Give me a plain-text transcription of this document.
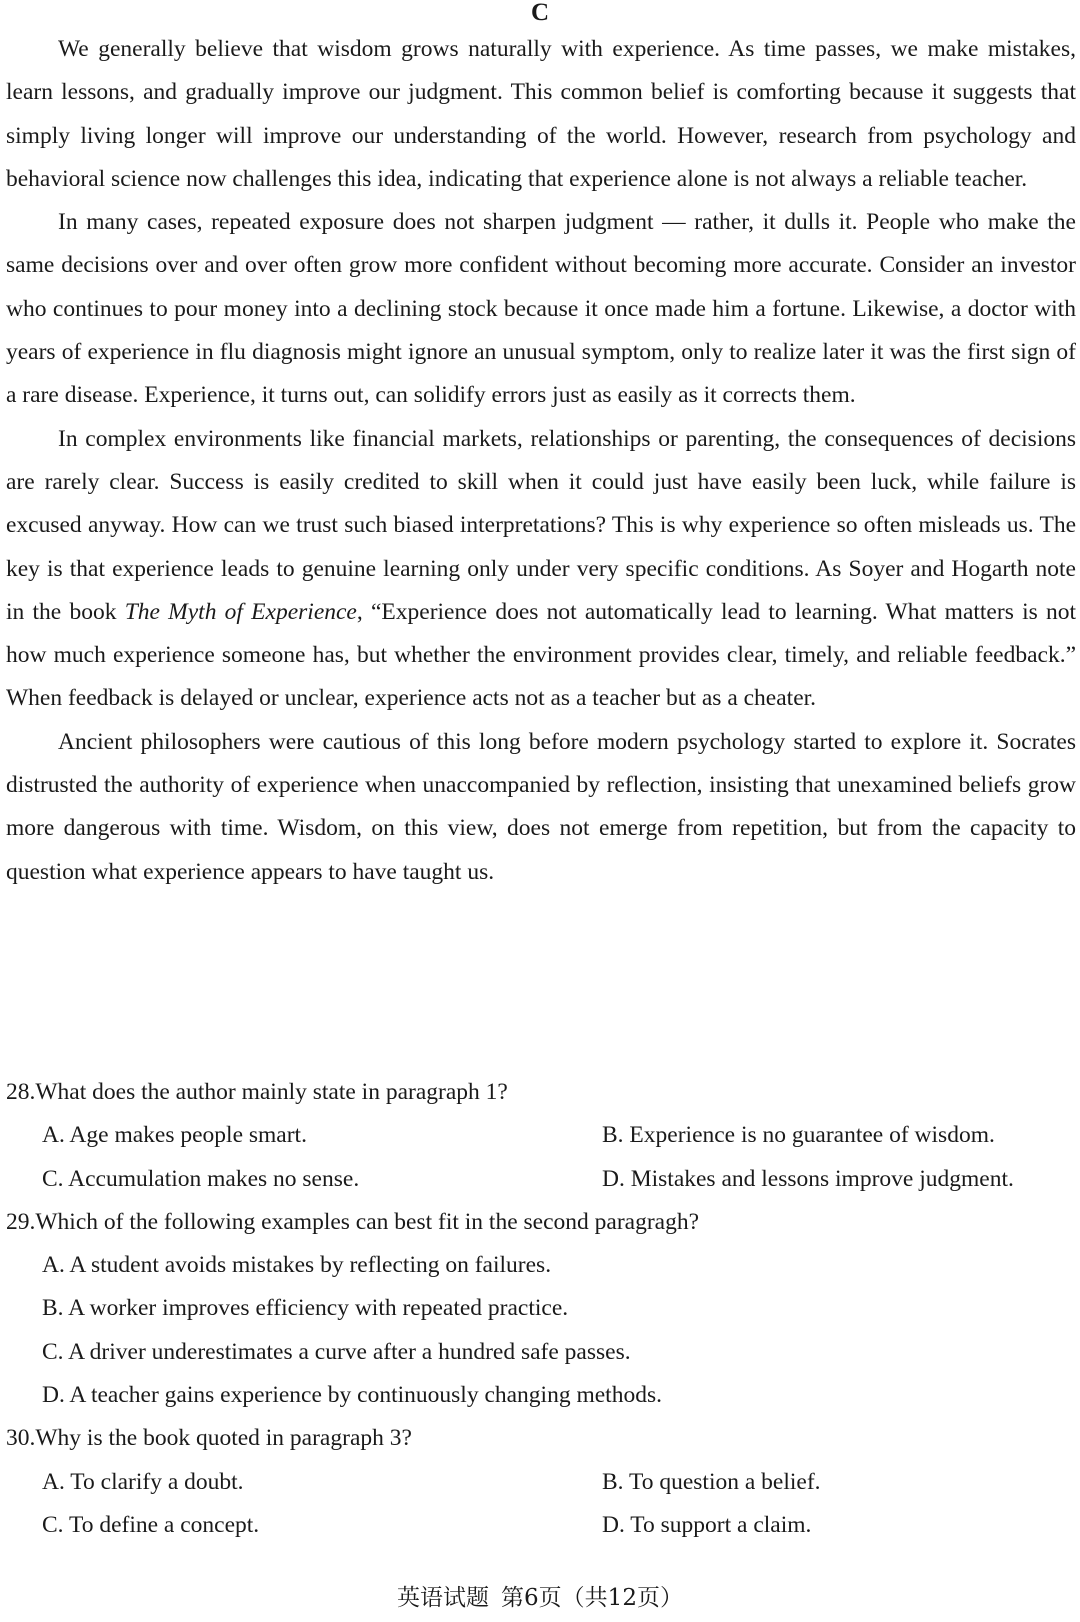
C

We generally believe that wisdom grows naturally with experience. As time passes, we make mistakes, learn lessons, and gradually improve our judgment. This common belief is comforting because it suggests that simply living longer will improve our understanding of the world. However, research from psychology and behavioral science now challenges this idea, indicating that experience alone is not always a reliable teacher.

In many cases, repeated exposure does not sharpen judgment — rather, it dulls it. People who make the same decisions over and over often grow more confident without becoming more accurate. Consider an investor who continues to pour money into a declining stock because it once made him a fortune. Likewise, a doctor with years of experience in flu diagnosis might ignore an unusual symptom, only to realize later it was the first sign of a rare disease. Experience, it turns out, can solidify errors just as easily as it corrects them.

In complex environments like financial markets, relationships or parenting, the consequences of decisions are rarely clear. Success is easily credited to skill when it could just have easily been luck, while failure is excused anyway. How can we trust such biased interpretations? This is why experience so often misleads us. The key is that experience leads to genuine learning only under very specific conditions. As Soyer and Hogarth note in the book The Myth of Experience, “Experience does not automatically lead to learning. What matters is not how much experience someone has, but whether the environment provides clear, timely, and reliable feedback.” When feedback is delayed or unclear, experience acts not as a teacher but as a cheater.

Ancient philosophers were cautious of this long before modern psychology started to explore it. Socrates distrusted the authority of experience when unaccompanied by reflection, insisting that unexamined beliefs grow more dangerous with time. Wisdom, on this view, does not emerge from repetition, but from the capacity to question what experience appears to have taught us.

28. What does the author mainly state in paragraph 1?
A. Age makes people smart.	B. Experience is no guarantee of wisdom.
C. Accumulation makes no sense.	D. Mistakes and lessons improve judgment.
29. Which of the following examples can best fit in the second paragragh?
A. A student avoids mistakes by reflecting on failures.
B. A worker improves efficiency with repeated practice.
C. A driver underestimates a curve after a hundred safe passes.
D. A teacher gains experience by continuously changing methods.
30. Why is the book quoted in paragraph 3?
A. To clarify a doubt.	B. To question a belief.
C. To define a concept.	D. To support a claim.
英语试题 第6页（共12页）
